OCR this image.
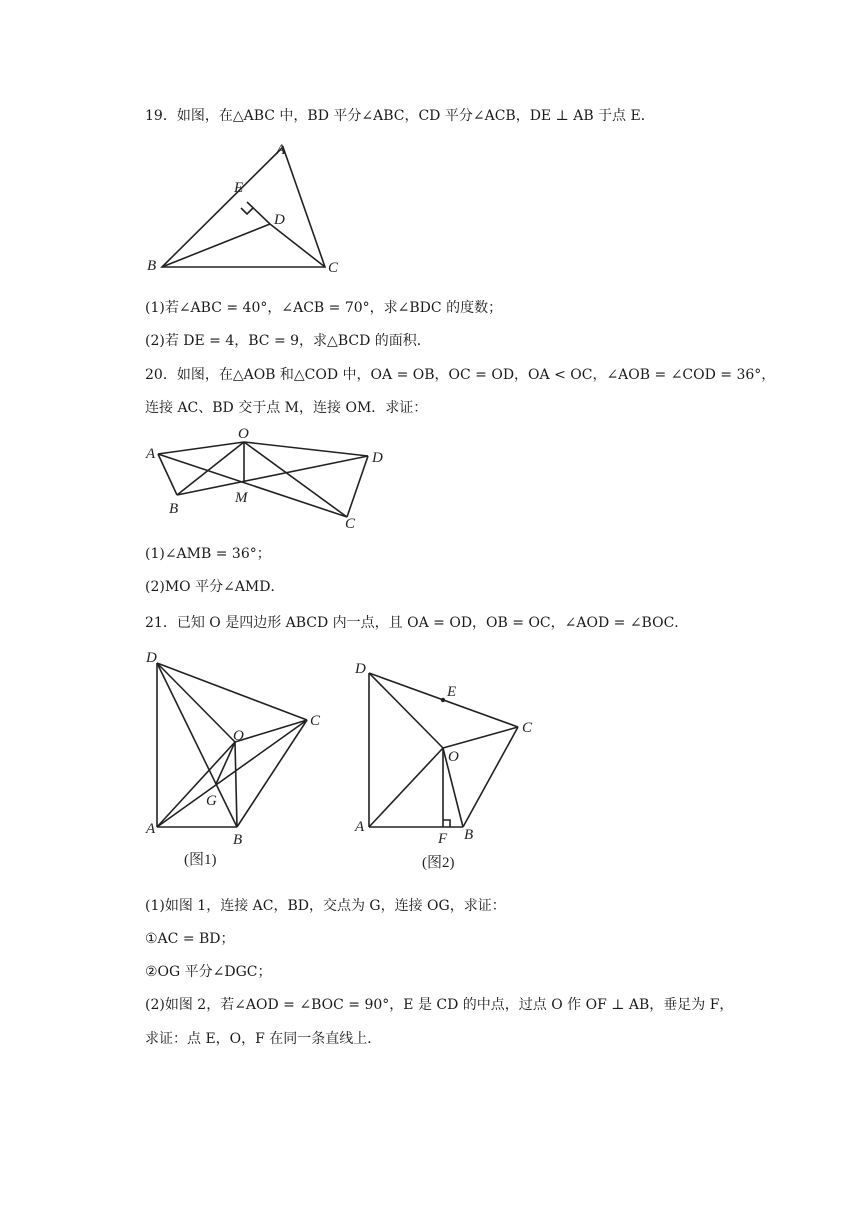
19．如图，在△ABC 中，BD 平分∠ABC，CD 平分∠ACB，DE ⊥ AB 于点 E．
A
B	C
D
E
(1)若∠ABC = 40°，∠ACB = 70°，求∠BDC 的度数；
(2)若 DE = 4，BC = 9，求△BCD 的面积．
20．如图，在△AOB 和△COD 中，OA = OB，OC = OD，OA < OC，∠AOB = ∠COD = 36°，
连接 AC、BD 交于点 M，连接 OM．求证：
A
O
D
B
M
C
(1)∠AMB = 36°；
(2)MO 平分∠AMD．
21．已知 O 是四边形 ABCD 内一点，且 OA = OD，OB = OC，∠AOD = ∠BOC．
D
C
O
G
A
B
(图1)
D
E
C
O
A
F B
(图2)
(1)如图 1，连接 AC，BD，交点为 G，连接 OG，求证：
①AC = BD；
②OG 平分∠DGC；
(2)如图 2，若∠AOD = ∠BOC = 90°，E 是 CD 的中点，过点 O 作 OF ⊥ AB，垂足为 F，
求证：点 E，O，F 在同一条直线上．
